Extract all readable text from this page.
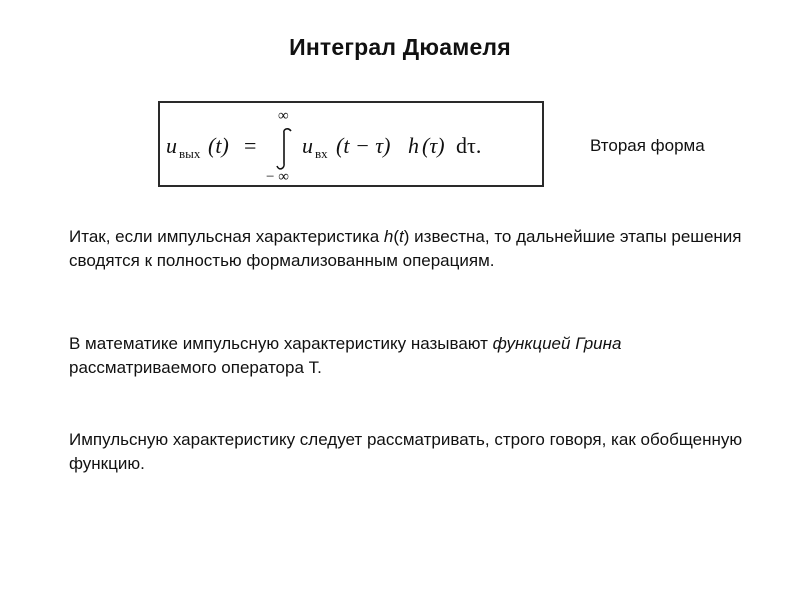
Интеграл Дюамеля
u вых (t) =
∞
− ∞
u вх (t − τ) h (τ) dτ.	Вторая форма
Итак, если импульсная характеристика h(t) известна, то дальнейшие этапы решения сводятся к полностью формализованным операциям.
В математике импульсную характеристику называют функцией Грина рассматриваемого оператора Т.
Импульсную характеристику следует рассматривать, строго говоря, как обобщенную функцию.
